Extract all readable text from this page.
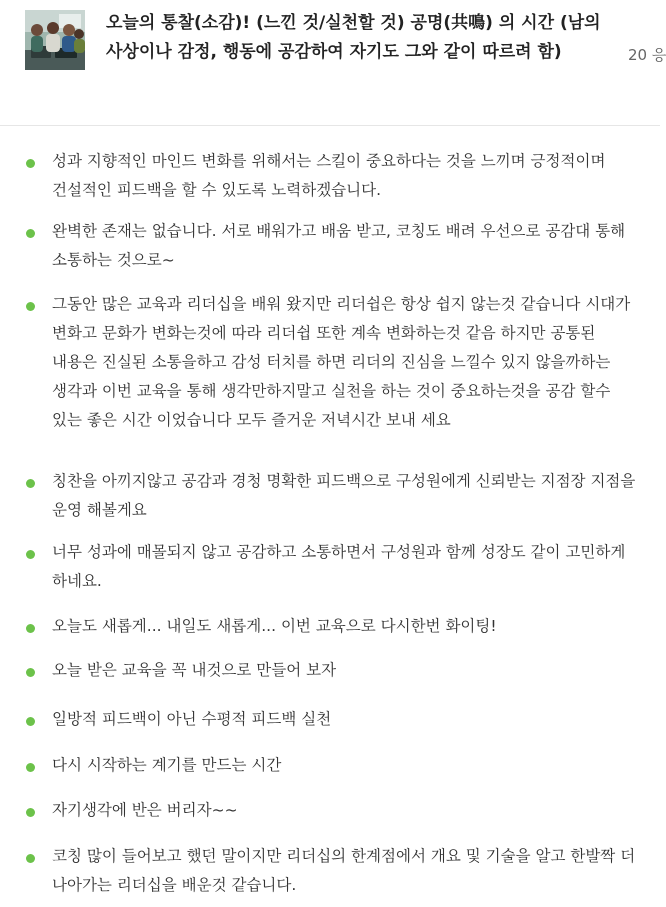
오늘의 통찰(소감)! (느낀 것/실천할 것) 공명(共鳴) 의 시간 (남의 사상이나 감정, 행동에 공감하여 자기도 그와 같이 따르려 함)	20 응

성과 지향적인 마인드 변화를 위해서는 스킬이 중요하다는 것을 느끼며 긍정적이며 건설적인 피드백을 할 수 있도록 노력하겠습니다.

완벽한 존재는 없습니다. 서로 배워가고 배움 받고, 코칭도 배려 우선으로 공감대 통해 소통하는 것으로~

그동안 많은 교육과 리더십을 배워 왔지만 리더쉽은 항상 쉽지 않는것 같습니다 시대가 변화고 문화가 변화는것에 따라 리더쉽 또한 계속 변화하는것 같음 하지만 공통된 내용은 진실된 소통을하고 감성 터치를 하면 리더의 진심을 느낄수 있지 않을까하는 생각과 이번 교육을 통해 생각만하지말고 실천을 하는 것이 중요하는것을 공감 할수 있는 좋은 시간 이었습니다 모두 즐거운 저녁시간 보내 세요

칭찬을 아끼지않고 공감과 경청 명확한 피드백으로 구성원에게 신뢰받는 지점장 지점을 운영 해볼게요

너무 성과에 매몰되지 않고 공감하고 소통하면서 구성원과 함께 성장도 같이 고민하게 하네요.

오늘도 새롭게... 내일도 새롭게... 이번 교육으로 다시한번 화이팅!

오늘 받은 교육을 꼭 내것으로 만들어 보자

일방적 피드백이 아닌 수평적 피드백 실천

다시 시작하는 계기를 만드는 시간

자기생각에 반은 버리자~~

코칭 많이 들어보고 했던 말이지만 리더십의 한계점에서 개요 및 기술을 알고 한발짝 더 나아가는 리더십을 배운것 같습니다.
